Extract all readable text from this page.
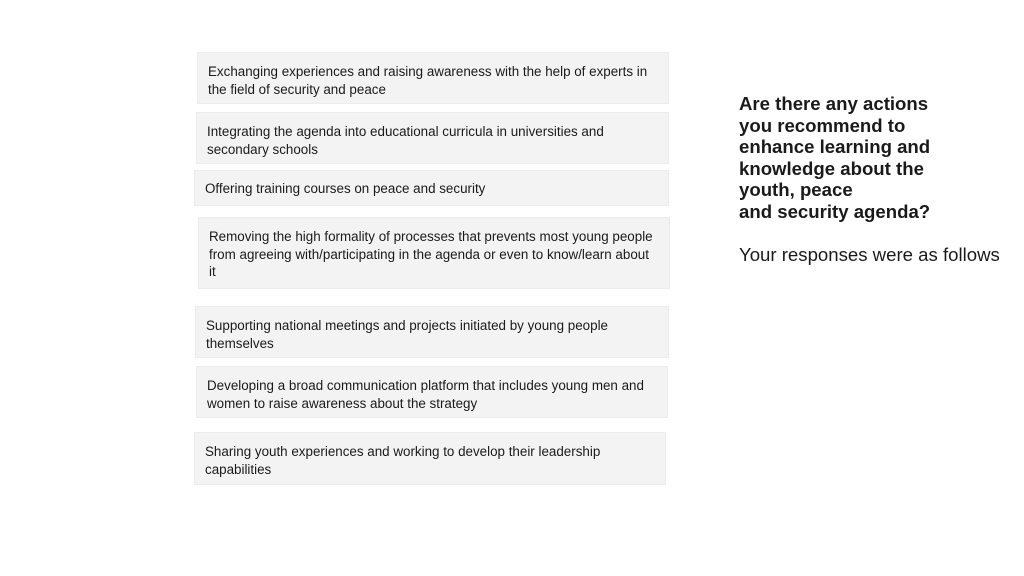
Exchanging experiences and raising awareness with the help of experts in the field of security and peace
Integrating the agenda into educational curricula in universities and secondary schools
Offering training courses on peace and security
Removing the high formality of processes that prevents most young people from agreeing with/participating in the agenda or even to know/learn about it
Supporting national meetings and projects initiated by young people themselves
Developing a broad communication platform that includes young men and women to raise awareness about the strategy
Sharing youth experiences and working to develop their leadership capabilities

Are there any actions
you recommend to
enhance learning and
knowledge about the
youth, peace
and security agenda?

Your responses were as follows
